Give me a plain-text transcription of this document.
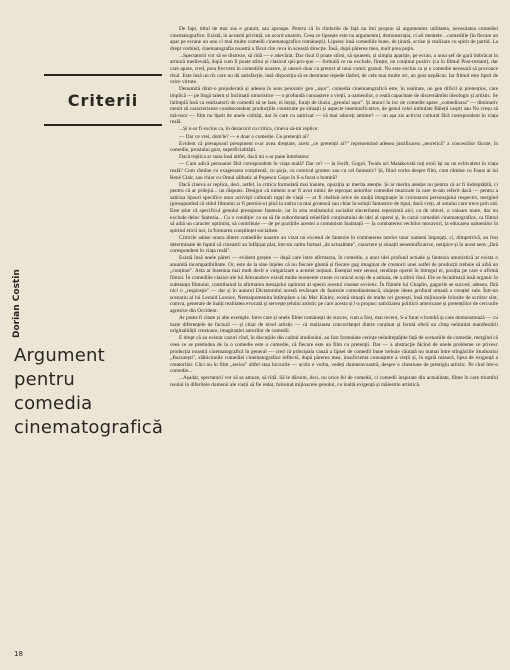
Criterii
Dorian Costin
Argument
pentru
comedia
cinematografică

De fapt, titlul de mai sus e gratuit, sau aproape. Pentru că în rîndurile de față nu îmi propun să argumentez utilitatea, necesitatea comediei cinematografice. Există, în această privință, un acord unanim. Ceea ce lipsește este nu argumentul, demonstrația, ci ali mentele ...comediile (în fiecare an apar pe ecrane un unu ci mai multe comedii cinematografice românești). Lipsesc însă comediile bune, de ținută, scrise și realizate cu spirit de partid. La drept vorbind, cinematografia noastră a făcut cîte ceva în această direcție. Însă, după părerea mea, mult prea puțin.

...Spectatorii vor să se distreze, să rîdă — e adevărat. Dar rîsul îl poate stîrni, să spunem, și simpla apariție, pe ecran, a unui șef de gară îmbrăcat în armură medievală, după cum îl poate stîrni și clasicul qui-pro-quo — formulă ce nu exclude, firește, un conținut pozitiv (ca în filmul Post-restant), dar care apare, cred, prea frecvent în comediile noastre, și uneori doar ca pretext al unui comic gratuit. Nu este exclus ca și o comedie necesară să provoace rîsul. Este însă un rîs care nu dă satisfacție, lasă dispoziția să se destrame repede lăsînd, de cele mai multe ori, un gust neplăcut. Iar filmul este lipsit de orice virtute.

Denumită dintr-o prejudecată și adesea în sens peiorativ gen „ușor", comedia cinematografică este, în realitate, un gen dificil și pretențios, care implică — pe lîngă talent și înclinații umoristice — o profundă cunoaștere a vieții, a oamenilor, o reală capacitate de discernămînt ideologic și artistic. Se întîmplă însă ca realizatorii de comedii să se lase, ei înșiși, furați de iluzia „genului ușor". Și atunci în loc de comedie apare „comedioara" — diminutiv menit să caracterizeze condescendent producțiile construite pe situații și aspecte nesemnificative, de genul celei intitulate Băieții noștri sau Nu creșu să mă-nsor — film nu lipsit de unele calități, dar în care cu satirizat — vă mai aduceți aminte? — un așa zis activist cultural fără corespondent în viața reală.

...Și n-ar fi exclus ca, în dezacord cu critica, cineva să-mi replice:

— Dar ce vrei, dom'le? — e doar o comedie. Ce pretenții ai?

Evident că presupusul preopinent n-ar avea dreptate, acest „ce pretenții ai?" reprezentind adesea justificarea „teoretică" a concesiilor făcute, în comedie, prostului gust, superficialității.

Dacă replica ar suna însă altfel, dacă mi s-ar pune întrebarea:

— Cum adică persoanei fără corespondent în viața reală? Dar ce? — la Swift, Gogol, Twain ori Maiakovski toți eroii își au un echivalent în viața reală? Cum rămîne cu exagerarea conștientă, cu șarja, cu comicul grotesc sau cu cel fantastic? Și, fiind vorba despre film, cum rămîne cu Faust al lui René Clair, sau chiar cu Omul sălbatic al Popescu Gopo în S-a furat o bombă?

Dacă cineva ar replica, deci, astfel, la critica formulată mai înainte, opoziția ar merita atenție. Și ar merita atenție nu pentru că ar fi îndreptățită, ci pentru că ar prilejui... un răspuns. Desigur că nimeni n-ar fi avut nimic de reproșat autorilor comediei muzicale la care m-am referit dacă — pentru a satiriza lipsuri specifice unor activiști culturali rupți de viață — ar fi chelluit orice de mulță imaginație în croionarea personajului respectiv, mergînd (presupunînd că stilul filmului ar fi permis-o) pînă la satira ca mai grotescă sau chiar la soluții fantastice de tipul, dacă vreți, al omului care trece prin zid. Este știut că specificul genului presupune fantezie, iar în arta realismului socialist sinceritatea reprezintă aici, ca de obicei, o valoare mare, dar nu exclude deloc fantezia... Cu o condiție: ca ea să fie subordonată relieifării conținutului de idei al operei și, în cazul comediei cinematografice, ca filmul să aibă un caracter optimist, să contribuie — de pe pozițiile acestei a comunism înaintații — la combaterea vechilor moravuri, la educarea oamenilor în spiritul eticii noi, la formarea conștiinței socialiste.

Criticile aduse unora dintre comediile noastre au vizat nu excesul de fantezie în combaterea tarelor unor oameni împoțați, ci, dimpotrivă, au fost determinate de faptul că cineastii au înfățișat plat, într-un cadru formal „de actualitate", caractere și situații nesemnificative, netipice și în acest sens „fără corespondent în viața reală".

Există însă unele păreri — evident greșite — după care între afirmarea, în comedie, a unor idei profund actuale și fantezia umoristică ar exista o anumită incompatibilitate. Or, este de la sine înțeles că nu fiecare glumă și fiecare gag imaginat de creatorii unei astfel de producții trebuie să aibă un „conținut". Asta ar însemna mai mult decît o vulgarizare a acestei noțiuni. Esențial este sensul, tendința operei în întregul ei, poziția pe care o afirmă filmul. În comediile clasice ale lui Alexandrov există multe momente create cu unicul scop de a amuza, de a stîrni rîsul. Ele se încadrează însă organic în substanța filmului, contribuind la afirmarea mesajului optimist al operei acestui cineast sovietic. În filmele lui Chaplin, gagurile se succed, adesea, fără nici o „respirație" — dar și în autorul Dictatorului acestă revărsare de fantezie comediantească, slujește ideea profund umană a creației sale. Într-un scenariu al lui Leonid Leonov, Nemaipomenita întîmplare a lui Mac Kinley, există situații de multe ori grotești, însă mijloacele folosite de scriitor sînt, cumva, generate de înalți realitatea evocată și servește țelului artistic pe care acesta și l-a propus: satirizarea politicii americane și pretențiilor de cercurile agresive din Occident.

Ar putea fi citate și alte exemple. Intre care și unele filme românești de succes, cum a fost, mai recent, S-a furat o bombă și care demonstrează — cu toate diferențele de factură — și chiar de nivel artistic — că realizarea concordanței dintre conținut și formă oferă un cîmp nelimitat manifestării originalității creatoare, imaginației autorilor de comedii.

E drept că au existat cazuri cînd, în discuțiile din cadrul studioului, au fost formulate cerințe neîndreptățite față de scenariile de comedie, mergînd că ceea ce se pretindea de la o comedie este o comedie, că fiecare este un film cu pretenții. Dar — a abstracție făcînd de unele probleme ce privesc producția noastră cinematografică în general — cred că principala cauză a lipsei de comedii bune trebuie căutată nu numai între stîngăciile Studioului „București", slăbiciunile comediei cinematografice reflectă, după părerea mea, insuficienta cunoaștere a vieții și, în egală măsură, lipsa de exigență a creatorilor. Căci nu în film „serios" altfel stau lucrurile — acolo e vorba, vedeți dumneavoastră, despre o chestiune de prestigiu artistic. Pe cînd într-o comedie...

...Așadar, spectatorii vor să se amuze, să rîdă. Să le dăruim, deci, nu orice fel de comedii, ci comedii inspirate din actualitate, filme în care triumful noului în diferitele domenii ale vieții să fie redat, folosind mijloacele genului, cu înaltă exigență și măiestrie artistică.

18
